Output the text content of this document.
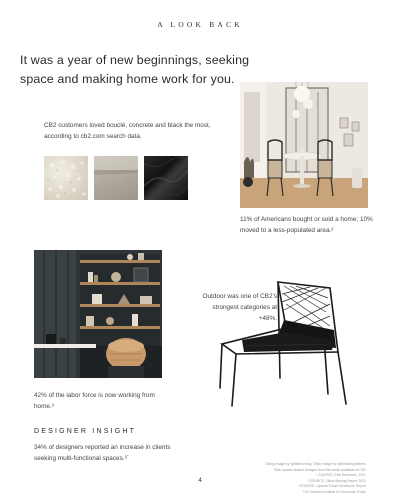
A LOOK BACK
It was a year of new beginnings, seeking space and making home work for you.
CB2 customers loved bouclé, concrete and black the most, according to cb2.com search data.
11% of Americans bought or sold a home; 10% moved to a less-populated area.²
Outdoor was one of CB2’s strongest categories at +48%.
42% of the labor force is now working from home.³
DESIGNER INSIGHT
34% of designers reported an increase in clients seeking multi-functional spaces.³´
Dining image by @tillamorning. Office image by @theluxeypatterns
Both spaces feature designs from the studio available at CB2
¹ SOURCE: Pew Research, 2021
² SOURCE: Zillow Moving Report 2021
³ SOURCE: Upwork Future Workforce Report
´ The Stanford Institute for Economic Policy
4
